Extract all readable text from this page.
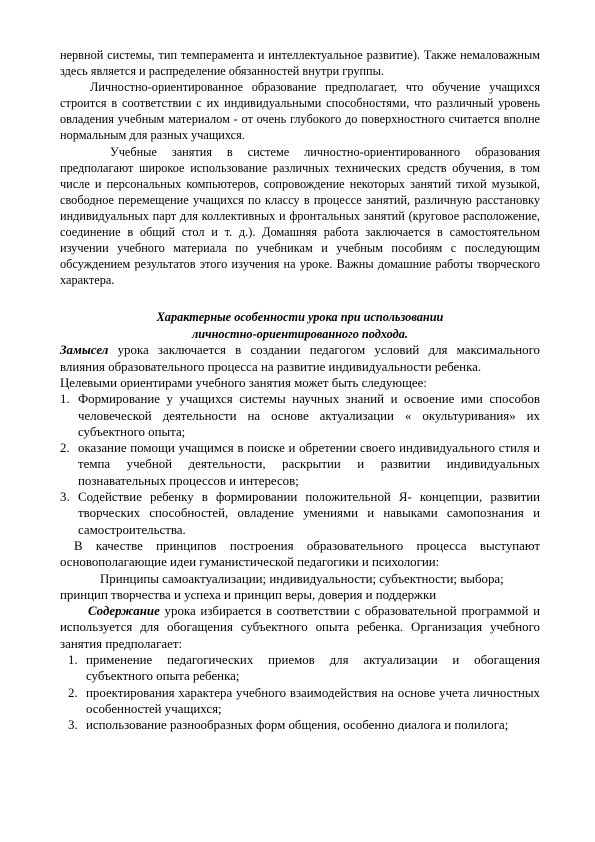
нервной системы, тип темперамента и интеллектуальное развитие). Также немаловажным здесь является и распределение обязанностей внутри группы.

Личностно-ориентированное образование предполагает, что обучение учащихся строится в соответствии с их индивидуальными способностями, что различный уровень овладения учебным материалом - от очень глубокого до поверхностного считается вполне нормальным для разных учащихся.

Учебные занятия в системе личностно-ориентированного образования предполагают широкое использование различных технических средств обучения, в том числе и персональных компьютеров, сопровождение некоторых занятий тихой музыкой, свободное перемещение учащихся по классу в процессе занятий, различную расстановку индивидуальных парт для коллективных и фронтальных занятий (круговое расположение, соединение в общий стол и т. д.). Домашняя работа заключается в самостоятельном изучении учебного материала по учебникам и учебным пособиям с последующим обсуждением результатов этого изучения на уроке. Важны домашние работы творческого характера.

Характерные особенности урока при использовании

личностно-ориентированного подхода.

Замысел урока заключается в создании педагогом условий для максимального влияния образовательного процесса на развитие индивидуальности ребенка.

Целевыми ориентирами учебного занятия может быть следующее:

1. Формирование у учащихся системы научных знаний и освоение ими способов человеческой деятельности на основе актуализации « окультуривания» их субъектного опыта;
2. оказание помощи учащимся в поиске и обретении своего индивидуального стиля и темпа учебной деятельности, раскрытии и развитии индивидуальных познавательных процессов и интересов;
3. Содействие ребенку в формировании положительной Я- концепции, развитии творческих способностей, овладение умениями и навыками самопознания и самостроительства.

В качестве принципов построения образовательного процесса выступают основополагающие идеи гуманистической педагогики и психологии:

Принципы самоактуализации; индивидуальности; субъектности; выбора; принцип творчества и успеха и принцип веры, доверия и поддержки

Содержание урока избирается в соответствии с образовательной программой и используется для обогащения субъектного опыта ребенка. Организация учебного занятия предполагает:

1. применение педагогических приемов для актуализации и обогащения субъектного опыта ребенка;
2. проектирования характера учебного взаимодействия на основе учета личностных особенностей учащихся;
3. использование разнообразных форм общения, особенно диалога и полилога;
